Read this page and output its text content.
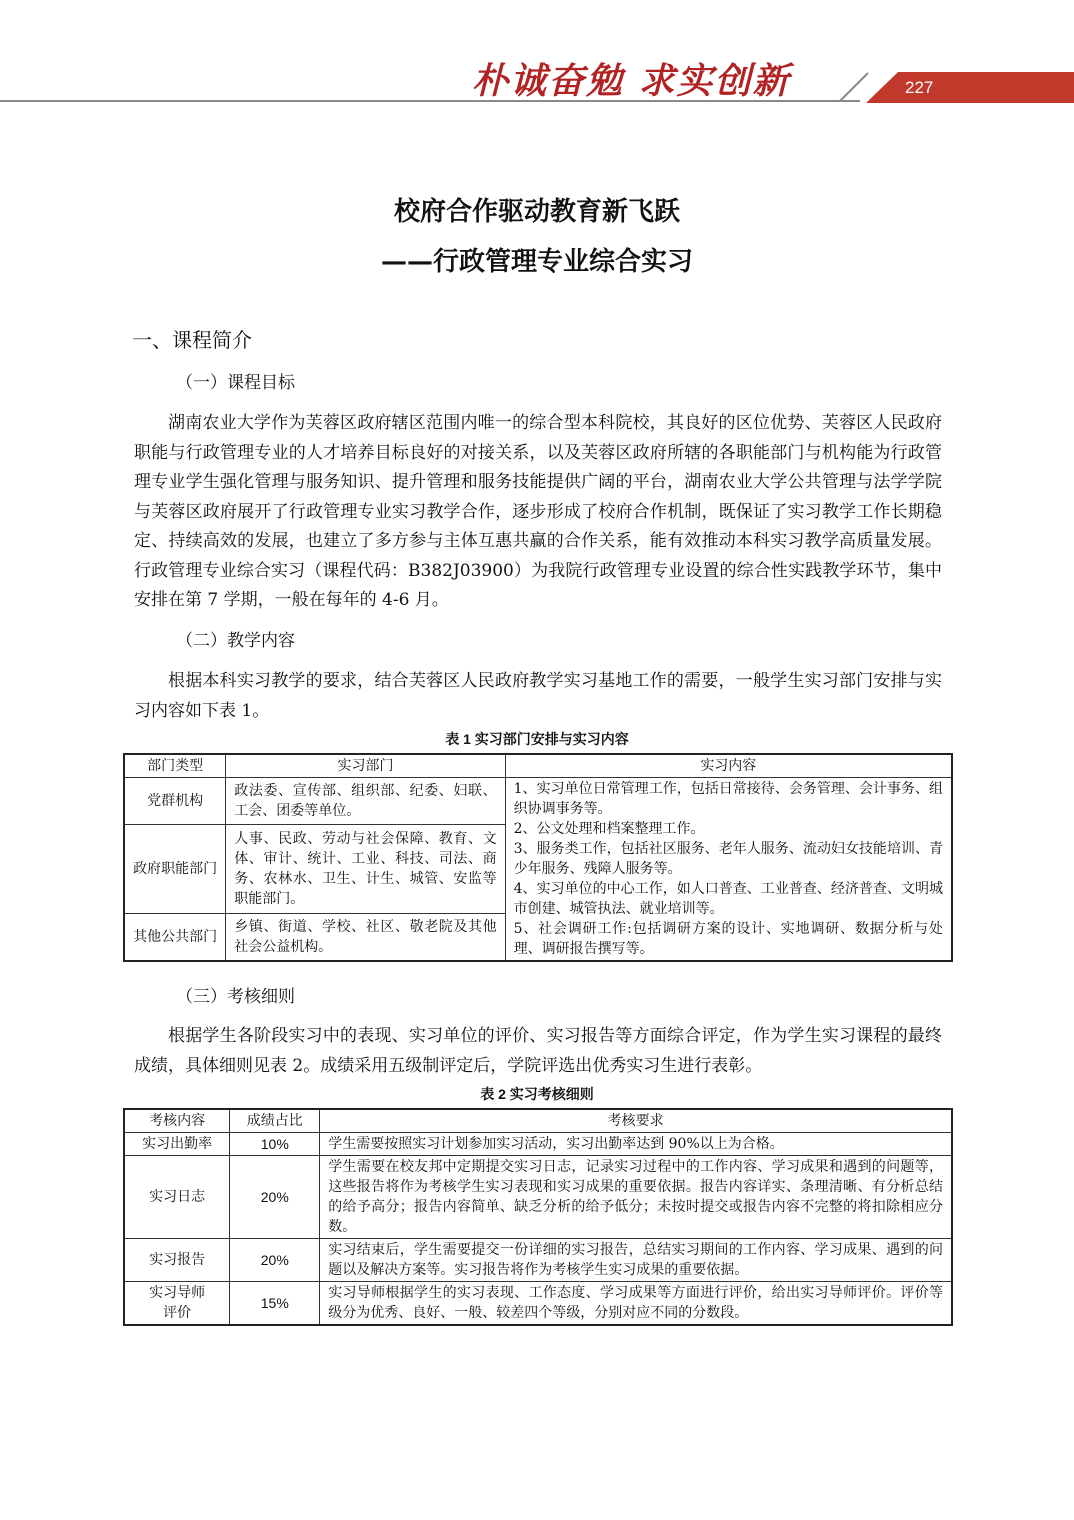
227
朴诚奋勉 求实创新
校府合作驱动教育新飞跃
——行政管理专业综合实习
一、课程简介
（一）课程目标
湖南农业大学作为芙蓉区政府辖区范围内唯一的综合型本科院校，其良好的区位优势、芙蓉区人民政府职能与行政管理专业的人才培养目标良好的对接关系，以及芙蓉区政府所辖的各职能部门与机构能为行政管理专业学生强化管理与服务知识、提升管理和服务技能提供广阔的平台，湖南农业大学公共管理与法学学院与芙蓉区政府展开了行政管理专业实习教学合作，逐步形成了校府合作机制，既保证了实习教学工作长期稳定、持续高效的发展，也建立了多方参与主体互惠共赢的合作关系，能有效推动本科实习教学高质量发展。行政管理专业综合实习（课程代码：B382J03900）为我院行政管理专业设置的综合性实践教学环节，集中安排在第 7 学期，一般在每年的 4-6 月。
（二）教学内容
根据本科实习教学的要求，结合芙蓉区人民政府教学实习基地工作的需要，一般学生实习部门安排与实习内容如下表 1。
表 1 实习部门安排与实习内容
部门类型	实习部门	实习内容
党群机构	政法委、宣传部、组织部、纪委、妇联、工会、团委等单位。	1、实习单位日常管理工作，包括日常接待、会务管理、会计事务、组织协调事务等。
2、公文处理和档案整理工作。
3、服务类工作，包括社区服务、老年人服务、流动妇女技能培训、青少年服务、残障人服务等。
4、实习单位的中心工作，如人口普查、工业普查、经济普查、文明城市创建、城管执法、就业培训等。
5、社会调研工作:包括调研方案的设计、实地调研、数据分析与处理、调研报告撰写等。

政府职能部门	人事、民政、劳动与社会保障、教育、文体、审计、统计、工业、科技、司法、商务、农林水、卫生、计生、城管、安监等职能部门。	
其他公共部门	乡镇、街道、学校、社区、敬老院及其他社会公益机构。	
（三）考核细则
根据学生各阶段实习中的表现、实习单位的评价、实习报告等方面综合评定，作为学生实习课程的最终成绩，具体细则见表 2。成绩采用五级制评定后，学院评选出优秀实习生进行表彰。
表 2 实习考核细则
考核内容	成绩占比	考核要求
实习出勤率	10%	学生需要按照实习计划参加实习活动，实习出勤率达到 90%以上为合格。
实习日志	20%	学生需要在校友邦中定期提交实习日志，记录实习过程中的工作内容、学习成果和遇到的问题等，这些报告将作为考核学生实习表现和实习成果的重要依据。报告内容详实、条理清晰、有分析总结的给予高分；报告内容简单、缺乏分析的给予低分；未按时提交或报告内容不完整的将扣除相应分数。
实习报告	20%	实习结束后，学生需要提交一份详细的实习报告，总结实习期间的工作内容、学习成果、遇到的问题以及解决方案等。实习报告将作为考核学生实习成果的重要依据。
实习导师评价	15%	实习导师根据学生的实习表现、工作态度、学习成果等方面进行评价，给出实习导师评价。评价等级分为优秀、良好、一般、较差四个等级，分别对应不同的分数段。
